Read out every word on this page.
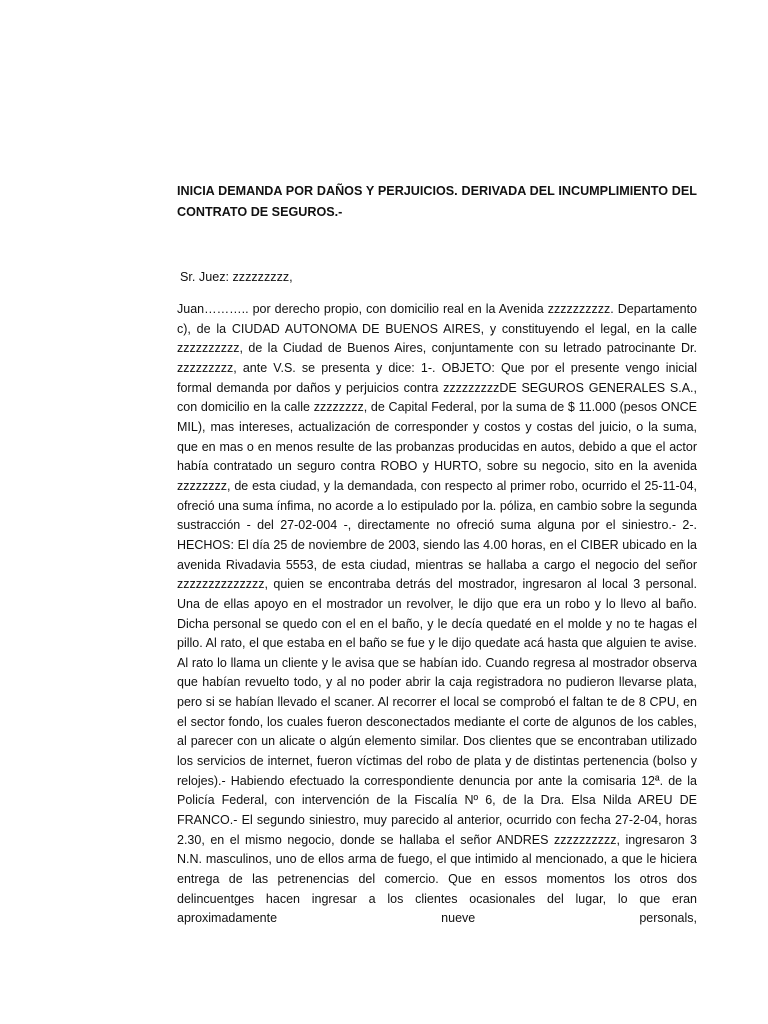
INICIA DEMANDA POR DAÑOS Y PERJUICIOS. DERIVADA DEL INCUMPLIMIENTO DEL CONTRATO DE SEGUROS.-

Sr. Juez: zzzzzzzzz,

Juan……….. por derecho propio, con domicilio real en la Avenida zzzzzzzzzz. Departamento c), de la CIUDAD AUTONOMA DE BUENOS AIRES, y constituyendo el legal, en la calle zzzzzzzzzz, de la Ciudad de Buenos Aires, conjuntamente con su letrado patrocinante Dr. zzzzzzzzz, ante V.S. se presenta y dice: 1-. OBJETO: Que por el presente vengo inicial formal demanda por daños y perjuicios contra zzzzzzzzzDE SEGUROS GENERALES S.A., con domicilio en la calle zzzzzzzz, de Capital Federal, por la suma de $ 11.000 (pesos ONCE MIL), mas intereses, actualización de corresponder y costos y costas del juicio, o la suma, que en mas o en menos resulte de las probanzas producidas en autos, debido a que el actor había contratado un seguro contra ROBO y HURTO, sobre su negocio, sito en la avenida zzzzzzzz, de esta ciudad, y la demandada, con respecto al primer robo, ocurrido el 25-11-04, ofreció una suma ínfima, no acorde a lo estipulado por la. póliza, en cambio sobre la segunda sustracción - del 27-02-004 -, directamente no ofreció suma alguna por el siniestro.- 2-. HECHOS: El día 25 de noviembre de 2003, siendo las 4.00 horas, en el CIBER ubicado en la avenida Rivadavia 5553, de esta ciudad, mientras se hallaba a cargo el negocio del señor zzzzzzzzzzzzzz, quien se encontraba detrás del mostrador, ingresaron al local 3 personal. Una de ellas apoyo en el mostrador un revolver, le dijo que era un robo y lo llevo al baño. Dicha personal se quedo con el en el baño, y le decía quedaté en el molde y no te hagas el pillo. Al rato, el que estaba en el baño se fue y le dijo quedate acá hasta que alguien te avise. Al rato lo llama un cliente y le avisa que se habían ido. Cuando regresa al mostrador observa que habían revuelto todo, y al no poder abrir la caja registradora no pudieron llevarse plata, pero si se habían llevado el scaner. Al recorrer el local se comprobó el faltan te de 8 CPU, en el sector fondo, los cuales fueron desconectados mediante el corte de algunos de los cables, al parecer con un alicate o algún elemento similar. Dos clientes que se encontraban utilizado los servicios de internet, fueron víctimas del robo de plata y de distintas pertenencia (bolso y relojes).- Habiendo efectuado la correspondiente denuncia por ante la comisaria 12ª. de la Policía Federal, con intervención de la Fiscalía Nº 6, de la Dra. Elsa Nilda AREU DE FRANCO.- El segundo siniestro, muy parecido al anterior, ocurrido con fecha 27-2-04, horas 2.30, en el mismo negocio, donde se hallaba el señor ANDRES zzzzzzzzzz, ingresaron 3 N.N. masculinos, uno de ellos arma de fuego, el que intimido al mencionado, a que le hiciera entrega de las petrenencias del comercio. Que en essos momentos los otros dos delincuentges hacen ingresar a los clientes ocasionales del lugar, lo que eran aproximadamente nueve personals,
